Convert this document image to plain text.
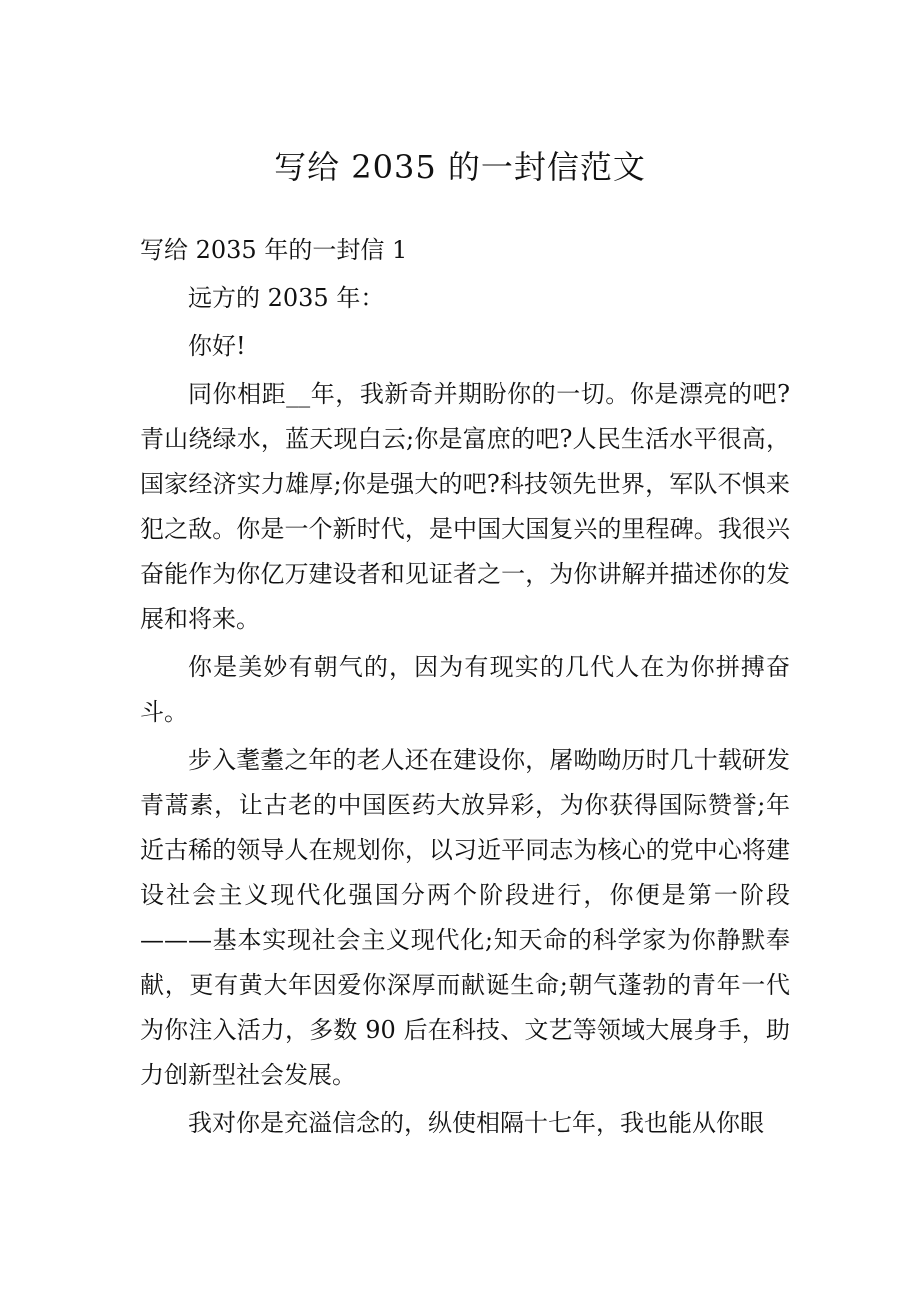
写给 2035 的一封信范文

写给 2035 年的一封信 1

远方的 2035 年：

你好!

同你相距__年，我新奇并期盼你的一切。你是漂亮的吧?青山绕绿水，蓝天现白云;你是富庶的吧?人民生活水平很高，国家经济实力雄厚;你是强大的吧?科技领先世界，军队不惧来犯之敌。你是一个新时代，是中国大国复兴的里程碑。我很兴奋能作为你亿万建设者和见证者之一，为你讲解并描述你的发展和将来。

你是美妙有朝气的，因为有现实的几代人在为你拼搏奋斗。

步入耄耋之年的老人还在建设你，屠呦呦历时几十载研发青蒿素，让古老的中国医药大放异彩，为你获得国际赞誉;年近古稀的领导人在规划你，以习近平同志为核心的党中心将建设社会主义现代化强国分两个阶段进行，你便是第一阶段———基本实现社会主义现代化;知天命的科学家为你静默奉献，更有黄大年因爱你深厚而献诞生命;朝气蓬勃的青年一代为你注入活力，多数 90 后在科技、文艺等领域大展身手，助力创新型社会发展。

我对你是充溢信念的，纵使相隔十七年，我也能从你眼
